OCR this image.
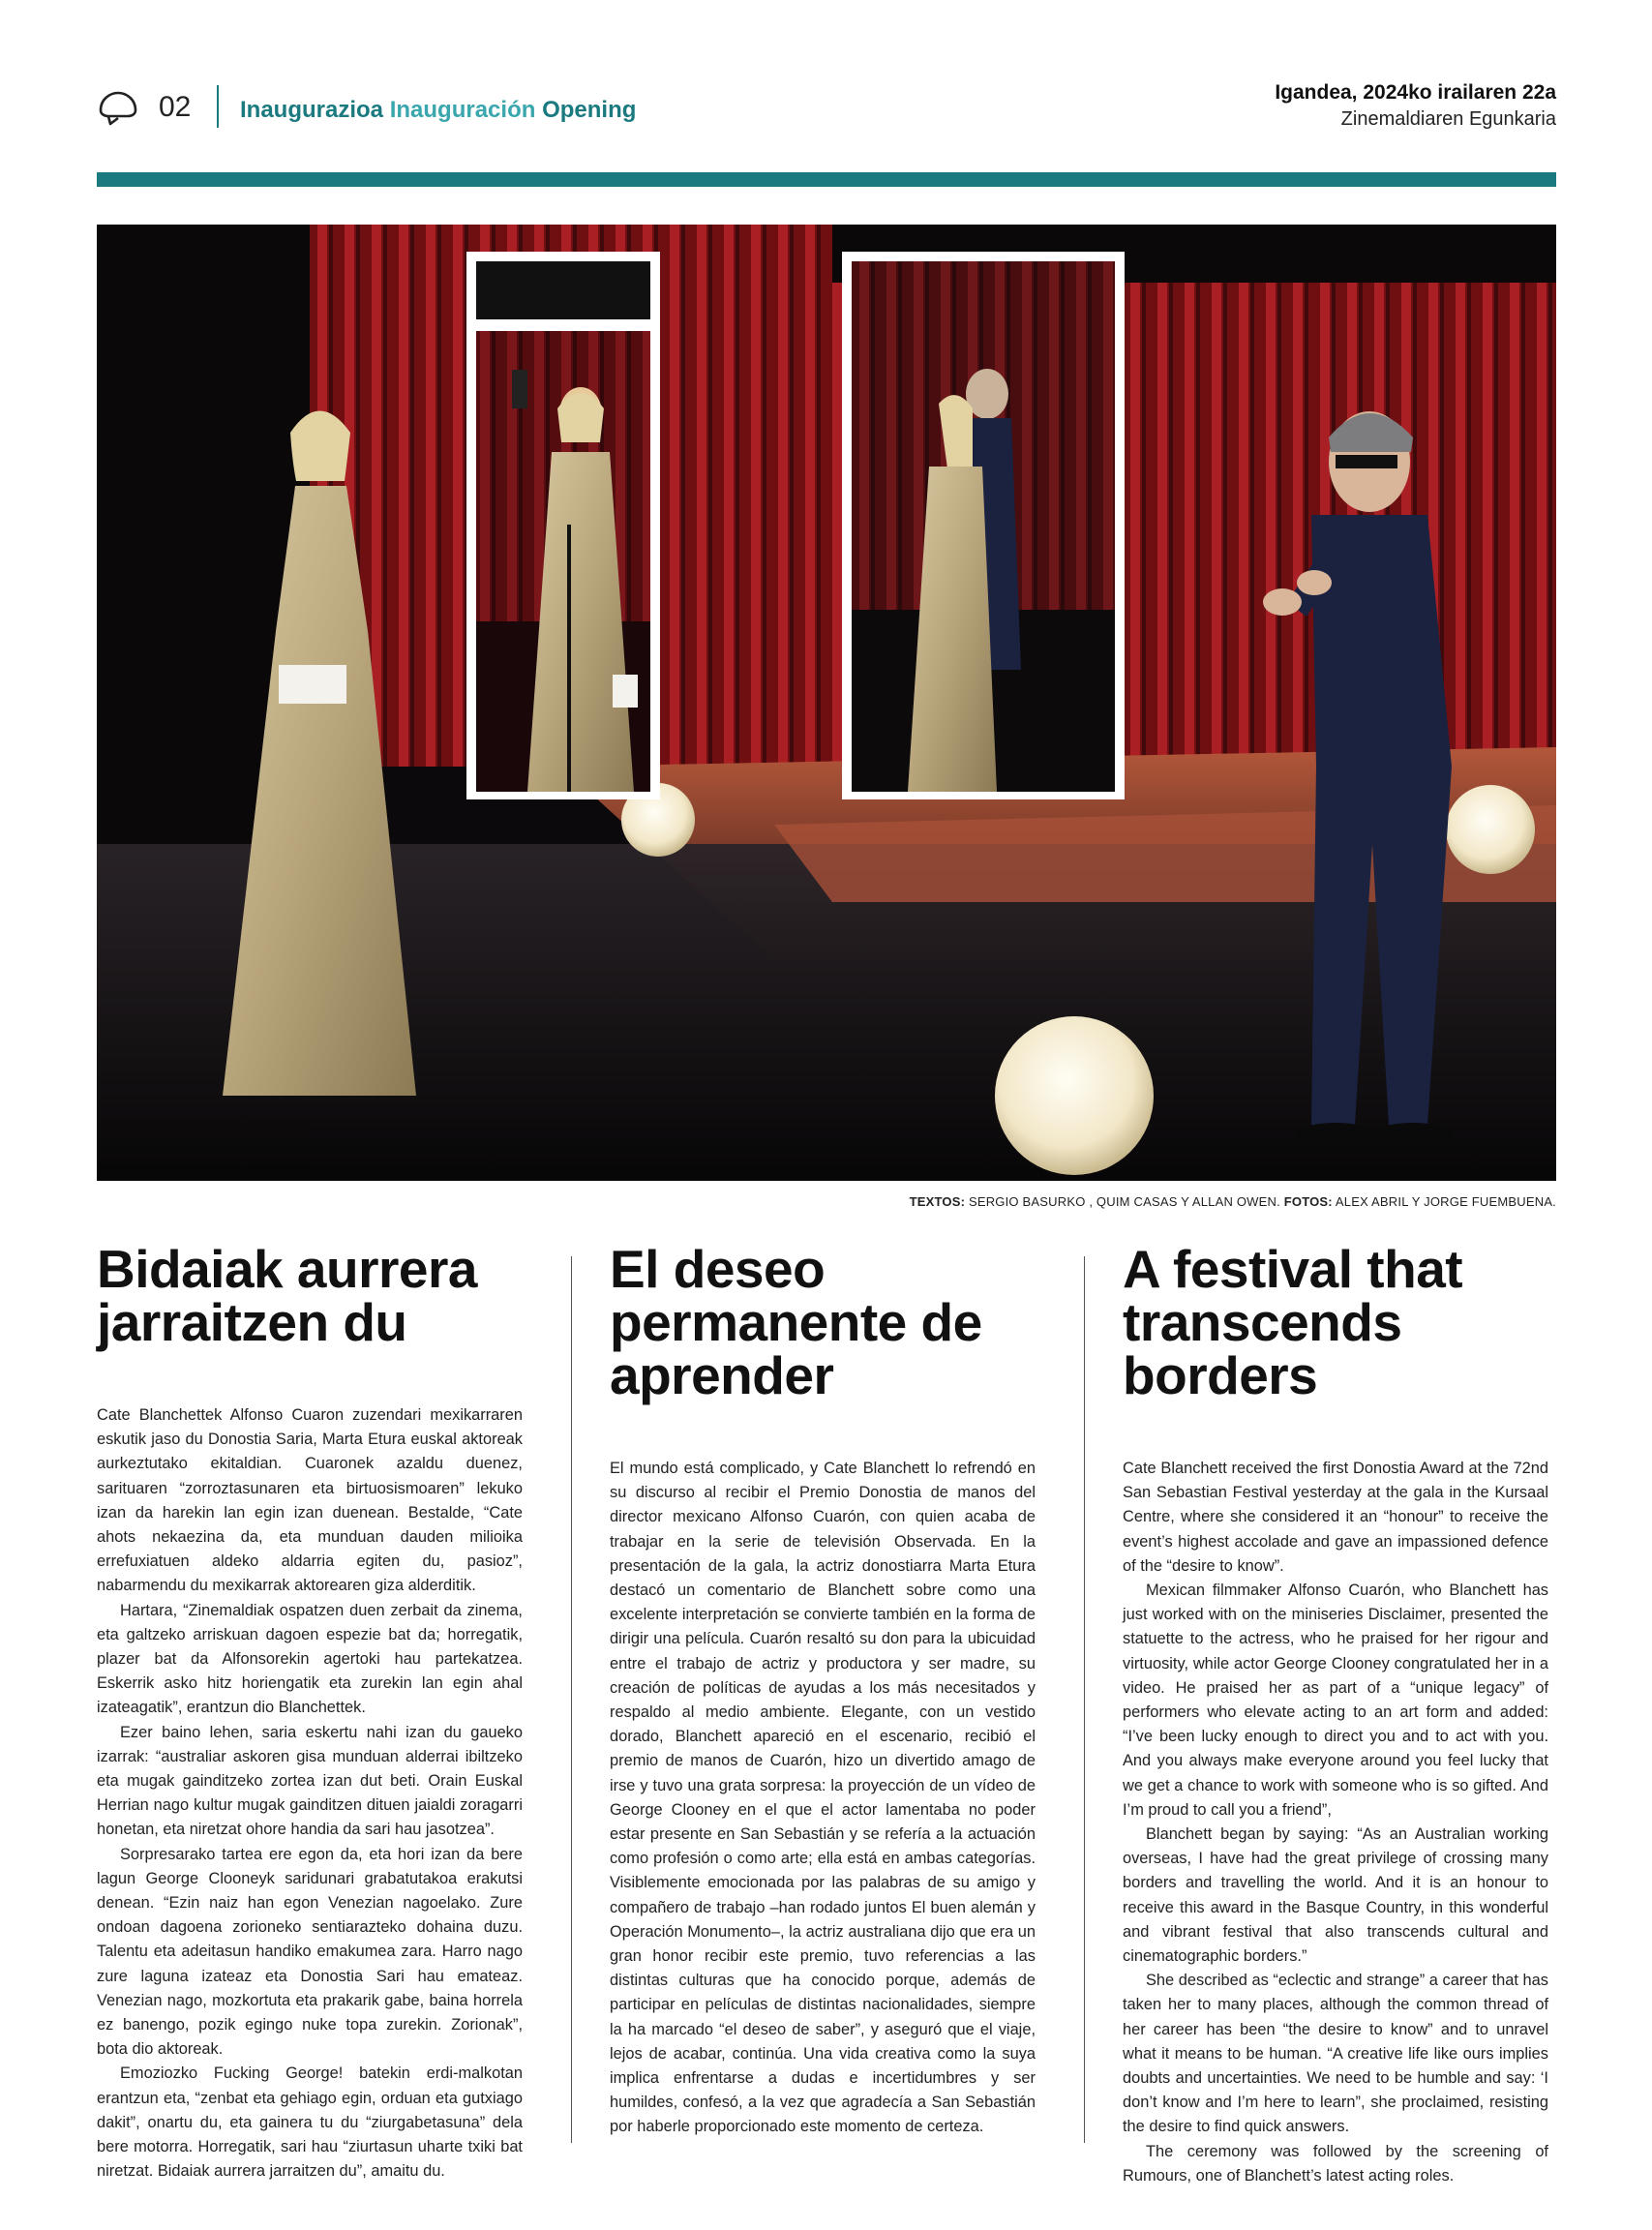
02 Inaugurazioa Inauguración Opening
Igandea, 2024ko irailaren 22a
Zinemaldiaren Egunkaria
TEXTOS: SERGIO BASURKO , QUIM CASAS Y ALLAN OWEN. FOTOS: ALEX ABRIL Y JORGE FUEMBUENA.
Bidaiak aurrera jarraitzen du

Cate Blanchettek Alfonso Cuaron zuzendari mexikarraren eskutik jaso du Donostia Saria, Marta Etura euskal aktoreak aurkeztutako ekitaldian. Cuaronek azaldu duenez, sarituaren “zorroztasunaren eta birtuosismoaren” lekuko izan da harekin lan egin izan duenean. Bestalde, “Cate ahots nekaezina da, eta munduan dauden milioika errefuxiatuen aldeko aldarria egiten du, pasioz”, nabarmendu du mexikarrak aktorearen giza alderditik.

Hartara, “Zinemaldiak ospatzen duen zerbait da zinema, eta galtzeko arriskuan dagoen espezie bat da; horregatik, plazer bat da Alfonsorekin agertoki hau partekatzea. Eskerrik asko hitz horiengatik eta zurekin lan egin ahal izateagatik”, erantzun dio Blanchettek.

Ezer baino lehen, saria eskertu nahi izan du gaueko izarrak: “australiar askoren gisa munduan alderrai ibiltzeko eta mugak gainditzeko zortea izan dut beti. Orain Euskal Herrian nago kultur mugak gainditzen dituen jaialdi zoragarri honetan, eta niretzat ohore handia da sari hau jasotzea”.

Sorpresarako tartea ere egon da, eta hori izan da bere lagun George Clooneyk saridunari grabatutakoa erakutsi denean. “Ezin naiz han egon Venezian nagoelako. Zure ondoan dagoena zorioneko sentiarazteko dohaina duzu. Talentu eta adeitasun handiko emakumea zara. Harro nago zure laguna izateaz eta Donostia Sari hau emateaz. Venezian nago, mozkortuta eta prakarik gabe, baina horrela ez banengo, pozik egingo nuke topa zurekin. Zorionak”, bota dio aktoreak.

Emoziozko Fucking George! batekin erdi-malkotan erantzun eta, “zenbat eta gehiago egin, orduan eta gutxiago dakit”, onartu du, eta gainera tu du “ziurgabetasuna” dela bere motorra. Horregatik, sari hau “ziurtasun uharte txiki bat niretzat. Bidaiak aurrera jarraitzen du”, amaitu du.

El deseo permanente de aprender

El mundo está complicado, y Cate Blanchett lo refrendó en su discurso al recibir el Premio Donostia de manos del director mexicano Alfonso Cuarón, con quien acaba de trabajar en la serie de televisión Observada. En la presentación de la gala, la actriz donostiarra Marta Etura destacó un comentario de Blanchett sobre como una excelente interpretación se convierte también en la forma de dirigir una película. Cuarón resaltó su don para la ubicuidad entre el trabajo de actriz y productora y ser madre, su creación de políticas de ayudas a los más necesitados y respaldo al medio ambiente. Elegante, con un vestido dorado, Blanchett apareció en el escenario, recibió el premio de manos de Cuarón, hizo un divertido amago de irse y tuvo una grata sorpresa: la proyección de un vídeo de George Clooney en el que el actor lamentaba no poder estar presente en San Sebastián y se refería a la actuación como profesión o como arte; ella está en ambas categorías. Visiblemente emocionada por las palabras de su amigo y compañero de trabajo –han rodado juntos El buen alemán y Operación Monumento–, la actriz australiana dijo que era un gran honor recibir este premio, tuvo referencias a las distintas culturas que ha conocido porque, además de participar en películas de distintas nacionalidades, siempre la ha marcado “el deseo de saber”, y aseguró que el viaje, lejos de acabar, continúa. Una vida creativa como la suya implica enfrentarse a dudas e incertidumbres y ser humildes, confesó, a la vez que agradecía a San Sebastián por haberle proporcionado este momento de certeza.

A festival that transcends borders

Cate Blanchett received the first Donostia Award at the 72nd San Sebastian Festival yesterday at the gala in the Kursaal Centre, where she considered it an “honour” to receive the event’s highest accolade and gave an impassioned defence of the “desire to know”.

Mexican filmmaker Alfonso Cuarón, who Blanchett has just worked with on the miniseries Disclaimer, presented the statuette to the actress, who he praised for her rigour and virtuosity, while actor George Clooney congratulated her in a video. He praised her as part of a “unique legacy” of performers who elevate acting to an art form and added: “I’ve been lucky enough to direct you and to act with you. And you always make everyone around you feel lucky that we get a chance to work with someone who is so gifted. And I’m proud to call you a friend”,

Blanchett began by saying: “As an Australian working overseas, I have had the great privilege of crossing many borders and travelling the world. And it is an honour to receive this award in the Basque Country, in this wonderful and vibrant festival that also transcends cultural and cinematographic borders.”

She described as “eclectic and strange” a career that has taken her to many places, although the common thread of her career has been “the desire to know” and to unravel what it means to be human. “A creative life like ours implies doubts and uncertainties. We need to be humble and say: ‘I don’t know and I’m here to learn”, she proclaimed, resisting the desire to find quick answers.

The ceremony was followed by the screening of Rumours, one of Blanchett’s latest acting roles.
